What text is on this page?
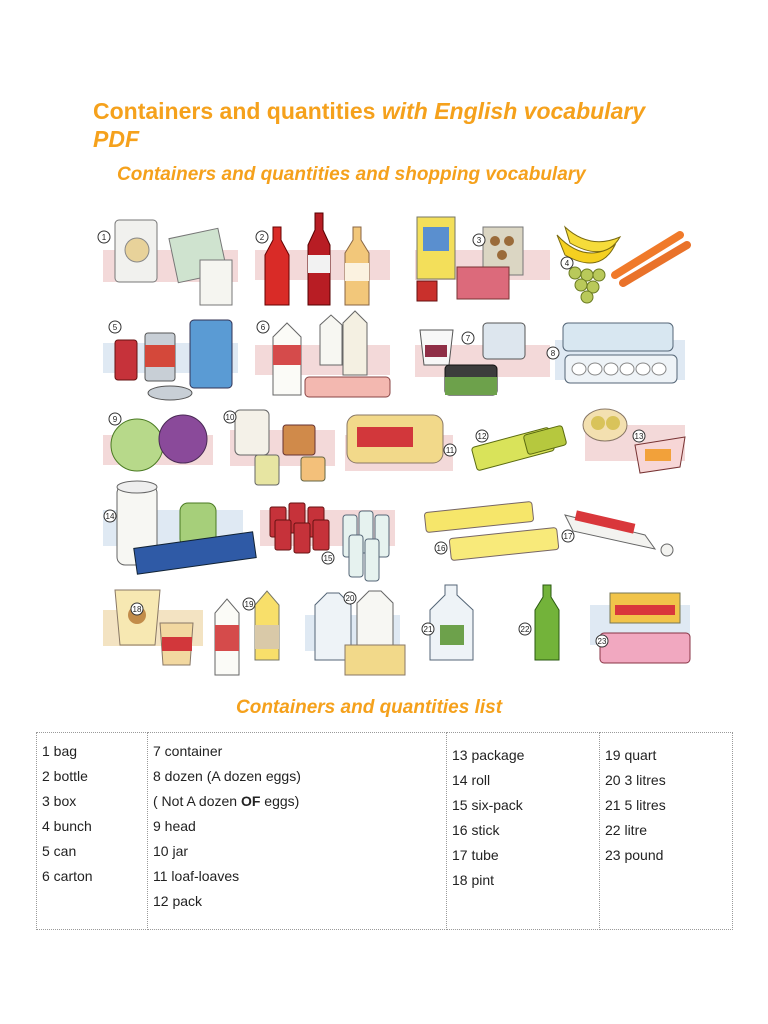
Containers and quantities with English vocabulary PDF
Containers and quantities and shopping vocabulary
1	2	3
4
5	6
7
8
9	10
11
12	13
14
15
16
17
18
19
20
21	22
23
Containers and quantities list
1 bag
2 bottle
3 box
4 bunch
5 can
6 carton

7 container
8 dozen (A dozen eggs)
( Not A dozen OF eggs)
9 head
10 jar
11 loaf-loaves
12 pack

13 package
14 roll
15 six-pack
16 stick
17 tube
18 pint

19 quart
20 3 litres
21 5 litres
22 litre
23 pound
